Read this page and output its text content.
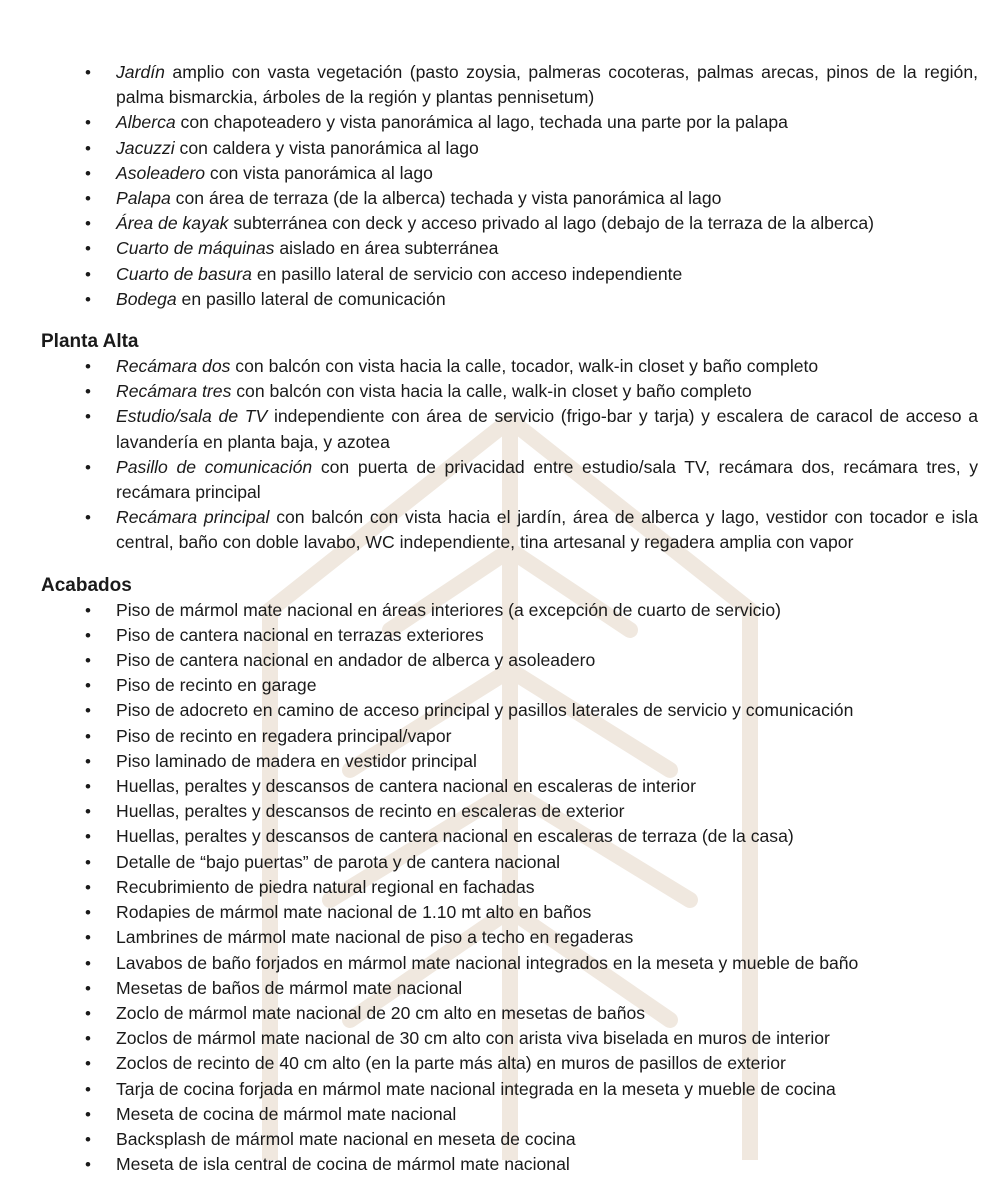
• Jardín amplio con vasta vegetación (pasto zoysia, palmeras cocoteras, palmas arecas, pinos de la región, palma bismarckia, árboles de la región y plantas pennisetum)
• Alberca con chapoteadero y vista panorámica al lago, techada una parte por la palapa
• Jacuzzi con caldera y vista panorámica al lago
• Asoleadero con vista panorámica al lago
• Palapa con área de terraza (de la alberca) techada y vista panorámica al lago
• Área de kayak subterránea con deck y acceso privado al lago (debajo de la terraza de la alberca)
• Cuarto de máquinas aislado en área subterránea
• Cuarto de basura en pasillo lateral de servicio con acceso independiente
• Bodega en pasillo lateral de comunicación
Planta Alta
• Recámara dos con balcón con vista hacia la calle, tocador, walk-in closet y baño completo
• Recámara tres con balcón con vista hacia la calle, walk-in closet y baño completo
• Estudio/sala de TV independiente con área de servicio (frigo-bar y tarja) y escalera de caracol de acceso a lavandería en planta baja, y azotea
• Pasillo de comunicación con puerta de privacidad entre estudio/sala TV, recámara dos, recámara tres, y recámara principal
• Recámara principal con balcón con vista hacia el jardín, área de alberca y lago, vestidor con tocador e isla central, baño con doble lavabo, WC independiente, tina artesanal y regadera amplia con vapor
Acabados
• Piso de mármol mate nacional en áreas interiores (a excepción de cuarto de servicio)
• Piso de cantera nacional en terrazas exteriores
• Piso de cantera nacional en andador de alberca y asoleadero
• Piso de recinto en garage
• Piso de adocreto en camino de acceso principal y pasillos laterales de servicio y comunicación
• Piso de recinto en regadera principal/vapor
• Piso laminado de madera en vestidor principal
• Huellas, peraltes y descansos de cantera nacional en escaleras de interior
• Huellas, peraltes y descansos de recinto en escaleras de exterior
• Huellas, peraltes y descansos de cantera nacional en escaleras de terraza (de la casa)
• Detalle de “bajo puertas” de parota y de cantera nacional
• Recubrimiento de piedra natural regional en fachadas
• Rodapies de mármol mate nacional de 1.10 mt alto en baños
• Lambrines de mármol mate nacional de piso a techo en regaderas
• Lavabos de baño forjados en mármol mate nacional integrados en la meseta y mueble de baño
• Mesetas de baños de mármol mate nacional
• Zoclo de mármol mate nacional de 20 cm alto en mesetas de baños
• Zoclos de mármol mate nacional de 30 cm alto con arista viva biselada en muros de interior
• Zoclos de recinto de 40 cm alto (en la parte más alta) en muros de pasillos de exterior
• Tarja de cocina forjada en mármol mate nacional integrada en la meseta y mueble de cocina
• Meseta de cocina de mármol mate nacional
• Backsplash de mármol mate nacional en meseta de cocina
• Meseta de isla central de cocina de mármol mate nacional
